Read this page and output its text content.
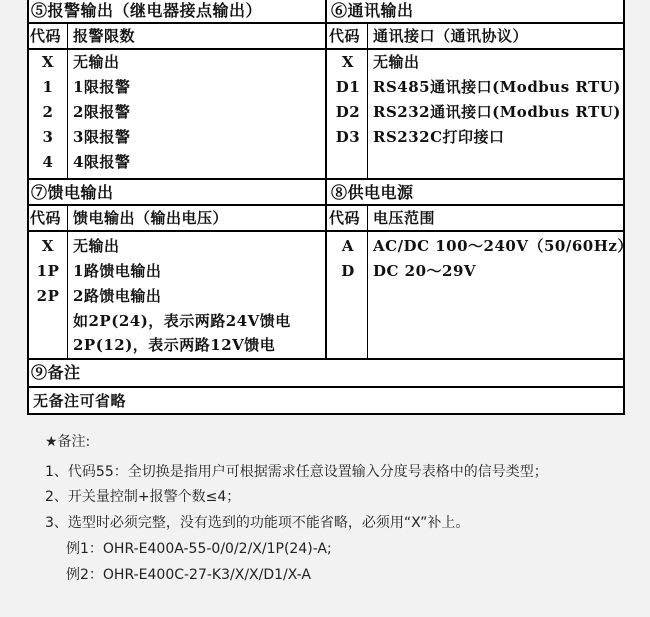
⑤报警输出（继电器接点输出）
代码 报警限数
X	无输出
1	1限报警
2	2限报警
3	3限报警
4	4限报警
⑥通讯输出
代码 通讯接口（通讯协议）
X	无输出
D1 RS485通讯接口(Modbus RTU)
D2 RS232通讯接口(Modbus RTU)
D3 RS232C打印接口
⑦馈电输出
代码 馈电输出（输出电压）
X	无输出
1P 1路馈电输出
2P 2路馈电输出
如2P(24)，表示两路24V馈电
2P(12)，表示两路12V馈电
⑧供电电源
代码 电压范围
A	AC/DC 100～240V（50/60Hz）
D	DC 20～29V
⑨备注
无备注可省略
★备注:
1、代码55：全切换是指用户可根据需求任意设置输入分度号表格中的信号类型；
2、开关量控制+报警个数≤4；
3、选型时必须完整，没有选到的功能项不能省略，必须用“X”补上。
例1：OHR-E400A-55-0/0/2/X/1P(24)-A;
例2：OHR-E400C-27-K3/X/X/D1/X-A
